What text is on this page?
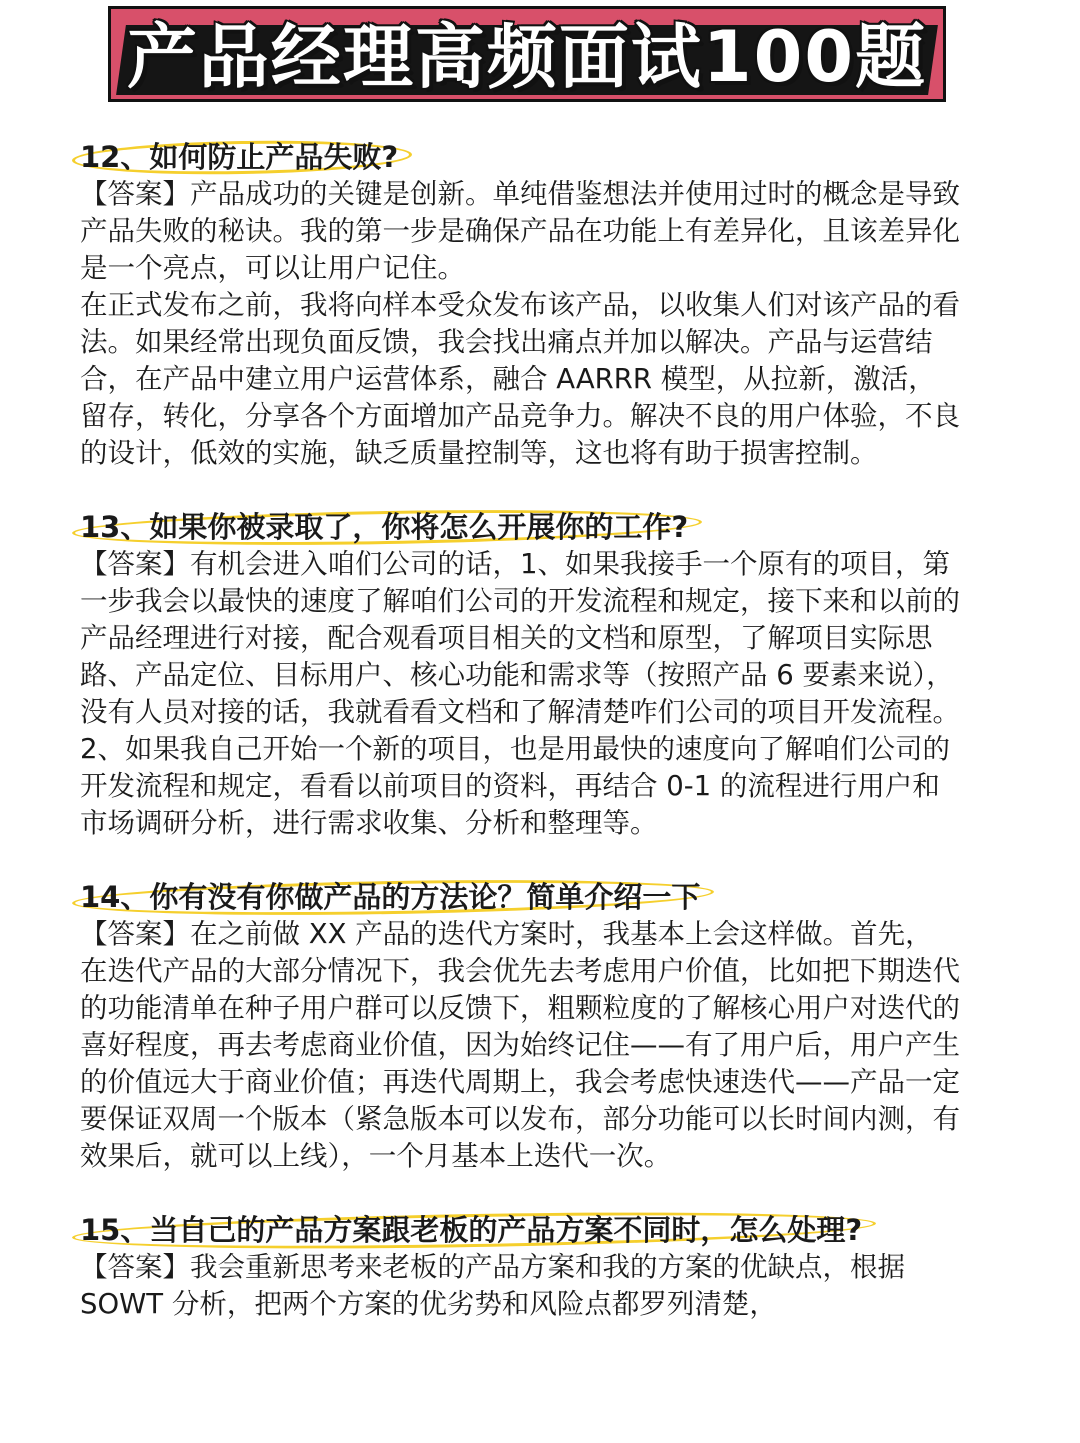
产品经理高频面试100题
12、如何防止产品失败?

【答案】产品成功的关键是创新。单纯借鉴想法并使用过时的概念是导致产品失败的秘诀。我的第一步是确保产品在功能上有差异化，且该差异化是一个亮点，可以让用户记住。

在正式发布之前，我将向样本受众发布该产品，以收集人们对该产品的看法。如果经常出现负面反馈，我会找出痛点并加以解决。产品与运营结合，在产品中建立用户运营体系，融合 AARRR 模型，从拉新，激活，留存，转化，分享各个方面增加产品竞争力。解决不良的用户体验，不良的设计，低效的实施，缺乏质量控制等，这也将有助于损害控制。

13、如果你被录取了，你将怎么开展你的工作?

【答案】有机会进入咱们公司的话，1、如果我接手一个原有的项目，第一步我会以最快的速度了解咱们公司的开发流程和规定，接下来和以前的产品经理进行对接，配合观看项目相关的文档和原型，了解项目实际思路、产品定位、目标用户、核心功能和需求等（按照产品 6 要素来说），没有人员对接的话，我就看看文档和了解清楚咋们公司的项目开发流程。2、如果我自己开始一个新的项目，也是用最快的速度向了解咱们公司的开发流程和规定，看看以前项目的资料，再结合 0-1 的流程进行用户和市场调研分析，进行需求收集、分析和整理等。

14、你有没有你做产品的方法论？简单介绍一下

【答案】在之前做 XX 产品的迭代方案时，我基本上会这样做。首先，在迭代产品的大部分情况下，我会优先去考虑用户价值，比如把下期迭代的功能清单在种子用户群可以反馈下，粗颗粒度的了解核心用户对迭代的喜好程度，再去考虑商业价值，因为始终记住——有了用户后，用户产生的价值远大于商业价值；再迭代周期上，我会考虑快速迭代——产品一定要保证双周一个版本（紧急版本可以发布，部分功能可以长时间内测，有效果后，就可以上线），一个月基本上迭代一次。

15、当自己的产品方案跟老板的产品方案不同时，怎么处理?

【答案】我会重新思考来老板的产品方案和我的方案的优缺点，根据 SOWT 分析，把两个方案的优劣势和风险点都罗列清楚，
